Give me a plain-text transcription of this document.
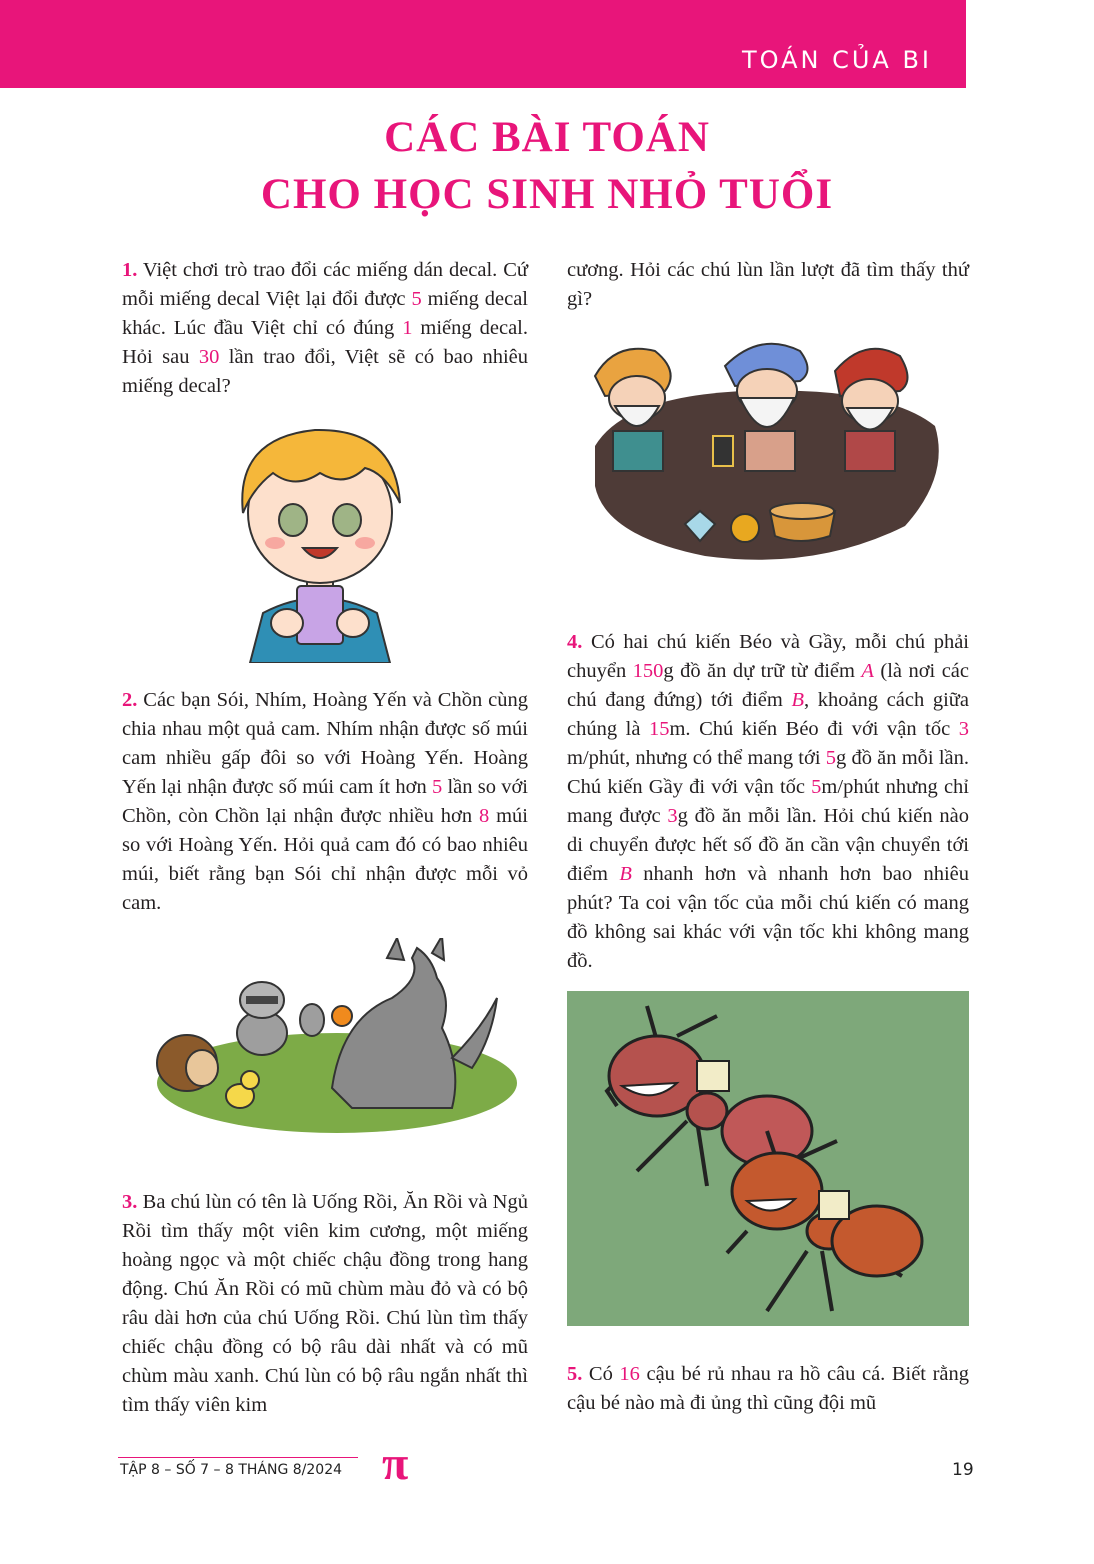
TOÁN CỦA BI
CÁC BÀI TOÁN
CHO HỌC SINH NHỎ TUỔI
1. Việt chơi trò trao đổi các miếng dán decal. Cứ mỗi miếng decal Việt lại đổi được 5 miếng decal khác. Lúc đầu Việt chỉ có đúng 1 miếng decal. Hỏi sau 30 lần trao đổi, Việt sẽ có bao nhiêu miếng decal?
2. Các bạn Sói, Nhím, Hoàng Yến và Chồn cùng chia nhau một quả cam. Nhím nhận được số múi cam nhiều gấp đôi so với Hoàng Yến. Hoàng Yến lại nhận được số múi cam ít hơn 5 lần so với Chồn, còn Chồn lại nhận được nhiều hơn 8 múi so với Hoàng Yến. Hỏi quả cam đó có bao nhiêu múi, biết rằng bạn Sói chỉ nhận được mỗi vỏ cam.
3. Ba chú lùn có tên là Uống Rồi, Ăn Rồi và Ngủ Rồi tìm thấy một viên kim cương, một miếng hoàng ngọc và một chiếc chậu đồng trong hang động. Chú Ăn Rồi có mũ chùm màu đỏ và có bộ râu dài hơn của chú Uống Rồi. Chú lùn tìm thấy chiếc chậu đồng có bộ râu dài nhất và có mũ chùm màu xanh. Chú lùn có bộ râu ngắn nhất thì tìm thấy viên kim
cương. Hỏi các chú lùn lần lượt đã tìm thấy thứ gì?
4. Có hai chú kiến Béo và Gầy, mỗi chú phải chuyển 150g đồ ăn dự trữ từ điểm A (là nơi các chú đang đứng) tới điểm B, khoảng cách giữa chúng là 15m. Chú kiến Béo đi với vận tốc 3 m/phút, nhưng có thể mang tới 5g đồ ăn mỗi lần. Chú kiến Gầy đi với vận tốc 5m/phút nhưng chỉ mang được 3g đồ ăn mỗi lần. Hỏi chú kiến nào di chuyển được hết số đồ ăn cần vận chuyển tới điểm B nhanh hơn và nhanh hơn bao nhiêu phút? Ta coi vận tốc của mỗi chú kiến có mang đồ không sai khác với vận tốc khi không mang đồ.
5. Có 16 cậu bé rủ nhau ra hồ câu cá. Biết rằng cậu bé nào mà đi ủng thì cũng đội mũ
TẬP 8 – SỐ 7 – 8 THÁNG 8/2024 π	19
